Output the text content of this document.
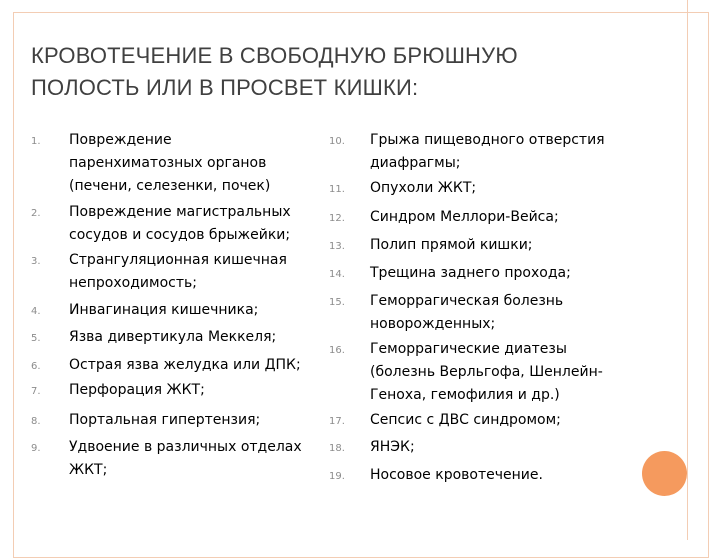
КРОВОТЕЧЕНИЕ В СВОБОДНУЮ БРЮШНУЮ
ПОЛОСТЬ ИЛИ В ПРОСВЕТ КИШКИ:
1. Повреждение
паренхиматозных органов
(печени, селезенки, почек)
2. Повреждение магистральных
сосудов и сосудов брыжейки;
3. Странгуляционная кишечная
непроходимость;
4. Инвагинация кишечника;
5. Язва дивертикула Меккеля;
6. Острая язва желудка или ДПК;
7. Перфорация ЖКТ;
8. Портальная гипертензия;
9. Удвоение в различных отделах
ЖКТ;
10. Грыжа пищеводного отверстия
диафрагмы;
11. Опухоли ЖКТ;
12. Синдром Меллори-Вейса;
13. Полип прямой кишки;
14. Трещина заднего прохода;
15. Геморрагическая болезнь
новорожденных;
16. Геморрагические диатезы
(болезнь Верльгофа, Шенлейн-
Геноха, гемофилия и др.)
17. Сепсис с ДВС синдромом;
18. ЯНЭК;
19. Носовое кровотечение.
